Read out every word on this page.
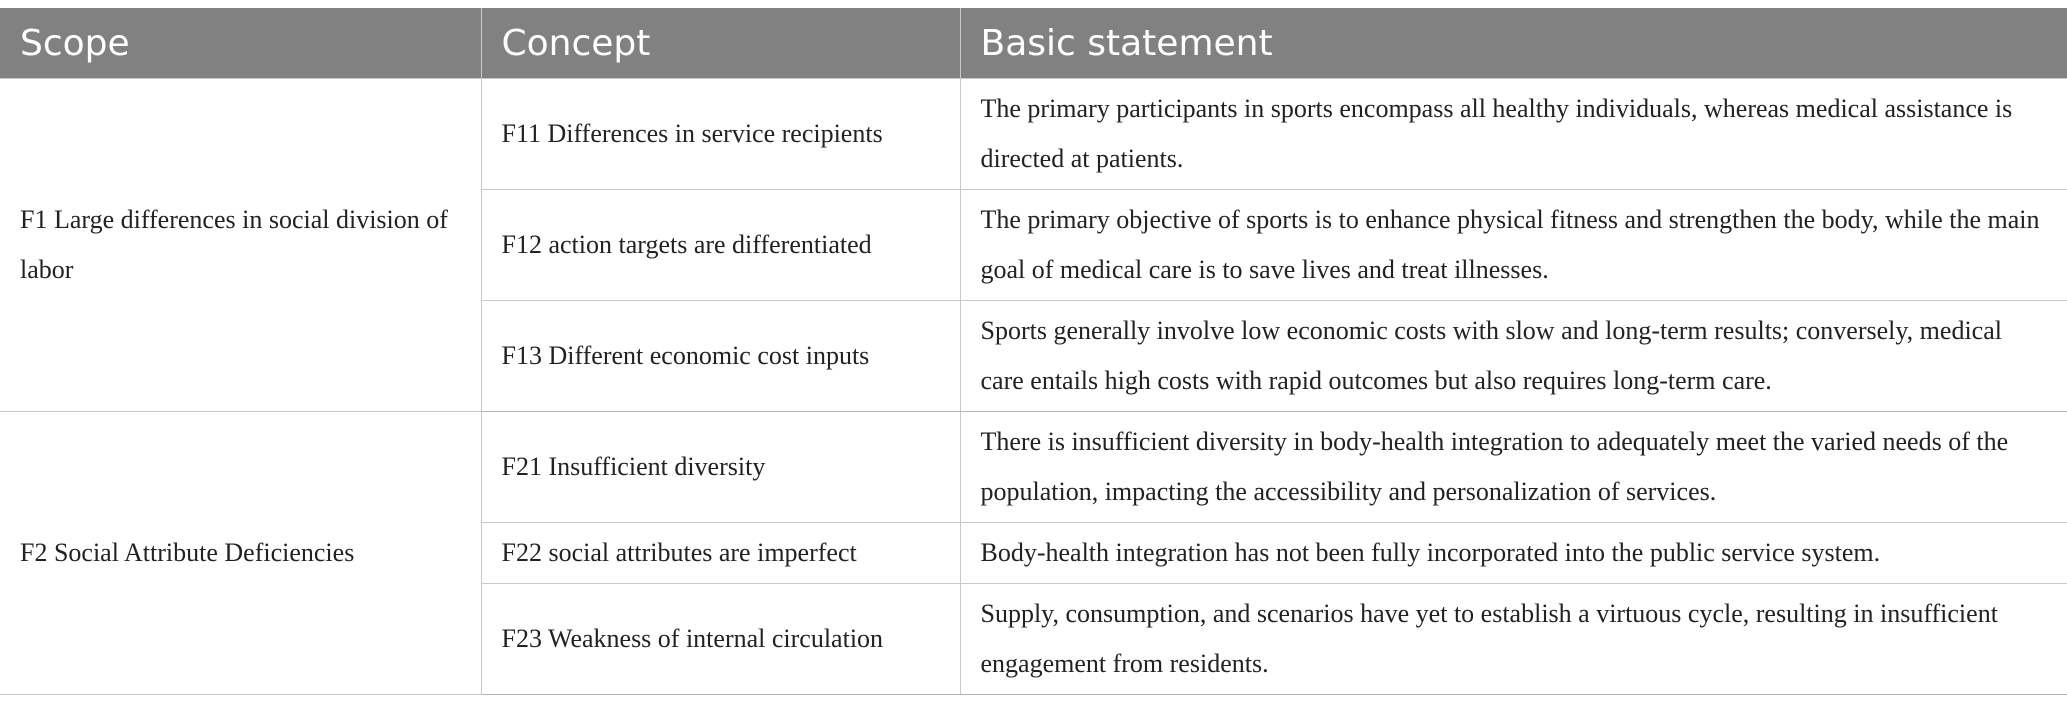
Scope	Concept	Basic statement
F1 Large differences in social division of labor	F11 Differences in service recipients	The primary participants in sports encompass all healthy individuals, whereas medical assistance is directed at patients.
	F12 action targets are differentiated	The primary objective of sports is to enhance physical fitness and strengthen the body, while the main goal of medical care is to save lives and treat illnesses.
	F13 Different economic cost inputs	Sports generally involve low economic costs with slow and long-term results; conversely, medical care entails high costs with rapid outcomes but also requires long-term care.
F2 Social Attribute Deficiencies	F21 Insufficient diversity	There is insufficient diversity in body-health integration to adequately meet the varied needs of the population, impacting the accessibility and personalization of services.
	F22 social attributes are imperfect	Body-health integration has not been fully incorporated into the public service system.
	F23 Weakness of internal circulation	Supply, consumption, and scenarios have yet to establish a virtuous cycle, resulting in insufficient engagement from residents.
